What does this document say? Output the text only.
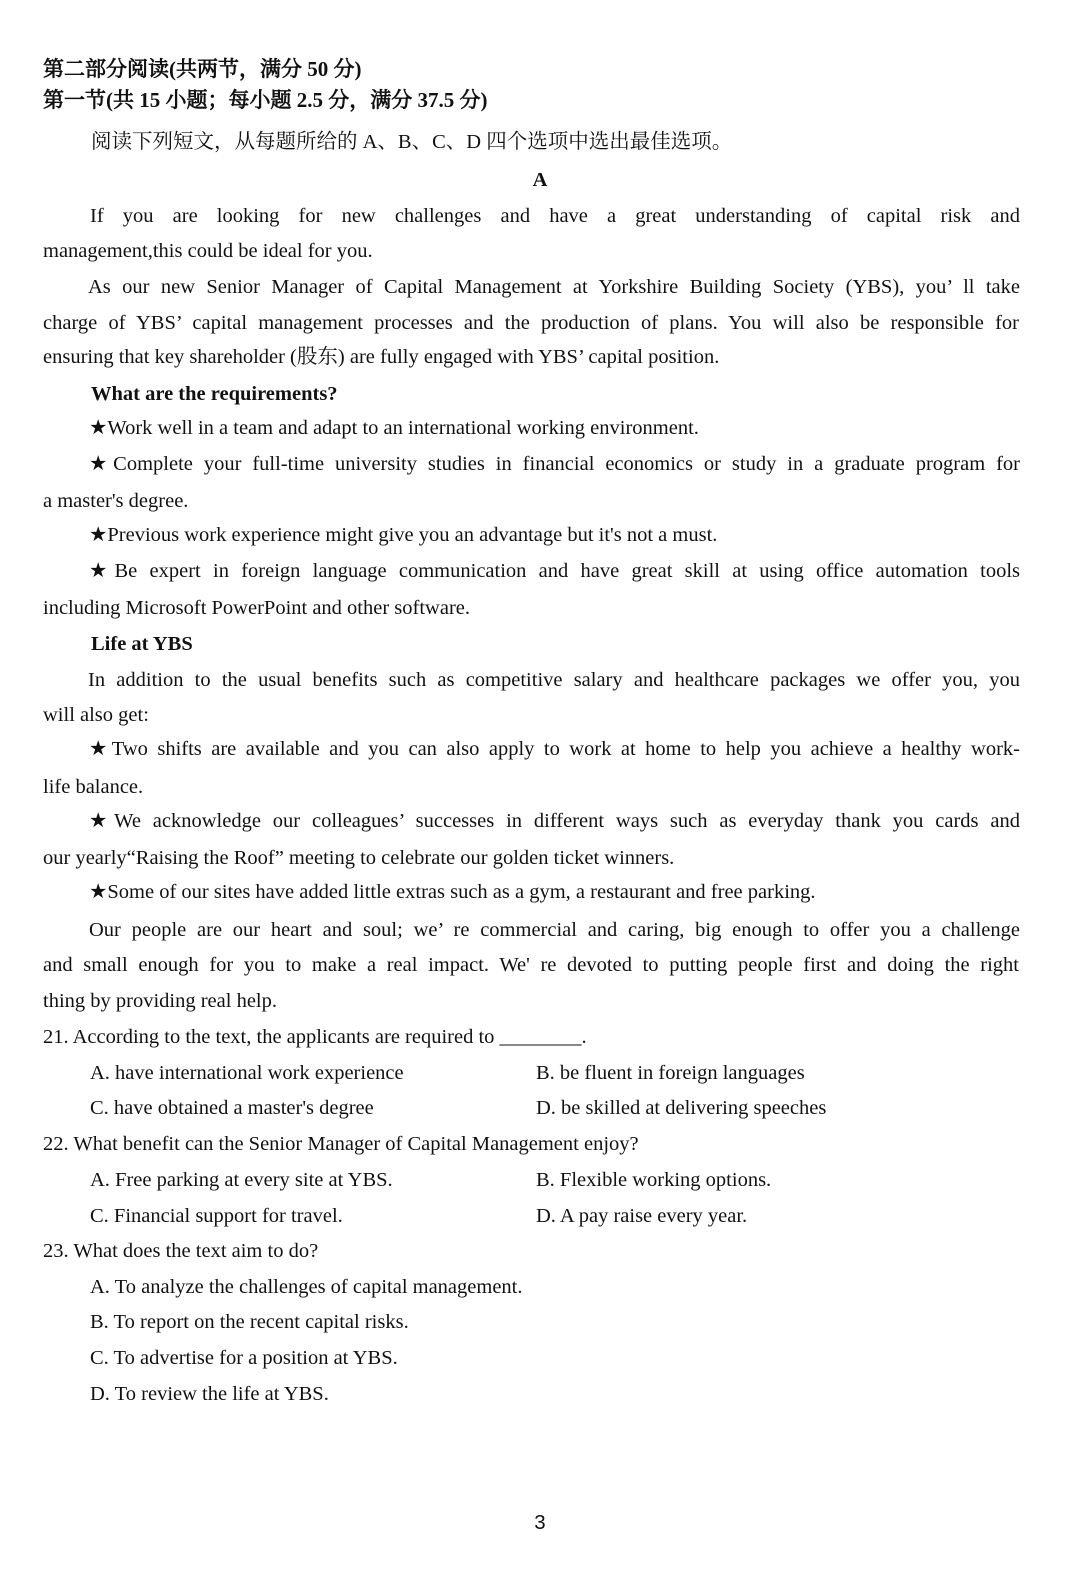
第二部分阅读(共两节，满分 50 分)
第一节(共 15 小题；每小题 2.5 分，满分 37.5 分)
阅读下列短文，从每题所给的 A、B、C、D 四个选项中选出最佳选项。
A
If you are looking for new challenges and have a great understanding of capital risk and
management,this could be ideal for you.
As our new Senior Manager of Capital Management at Yorkshire Building Society (YBS), you’ ll take
charge of YBS’ capital management processes and the production of plans. You will also be responsible for
ensuring that key shareholder (股东) are fully engaged with YBS’ capital position.
What are the requirements?
★Work well in a team and adapt to an international working environment.
★Complete your full-time university studies in financial economics or study in a graduate program for
a master's degree.
★Previous work experience might give you an advantage but it's not a must.
★Be expert in foreign language communication and have great skill at using office automation tools
including Microsoft PowerPoint and other software.
Life at YBS
In addition to the usual benefits such as competitive salary and healthcare packages we offer you, you
will also get:
★Two shifts are available and you can also apply to work at home to help you achieve a healthy work-
life balance.
★We acknowledge our colleagues’ successes in different ways such as everyday thank you cards and
our yearly“Raising the Roof” meeting to celebrate our golden ticket winners.
★Some of our sites have added little extras such as a gym, a restaurant and free parking.
Our people are our heart and soul; we’ re commercial and caring, big enough to offer you a challenge
and small enough for you to make a real impact. We' re devoted to putting people first and doing the right
thing by providing real help.
21. According to the text, the applicants are required to ________.
A. have international work experience	B. be fluent in foreign languages
C. have obtained a master's degree	D. be skilled at delivering speeches
22. What benefit can the Senior Manager of Capital Management enjoy?
A. Free parking at every site at YBS.	B. Flexible working options.
C. Financial support for travel.	D. A pay raise every year.
23. What does the text aim to do?
A. To analyze the challenges of capital management.
B. To report on the recent capital risks.
C. To advertise for a position at YBS.
D. To review the life at YBS.
3
